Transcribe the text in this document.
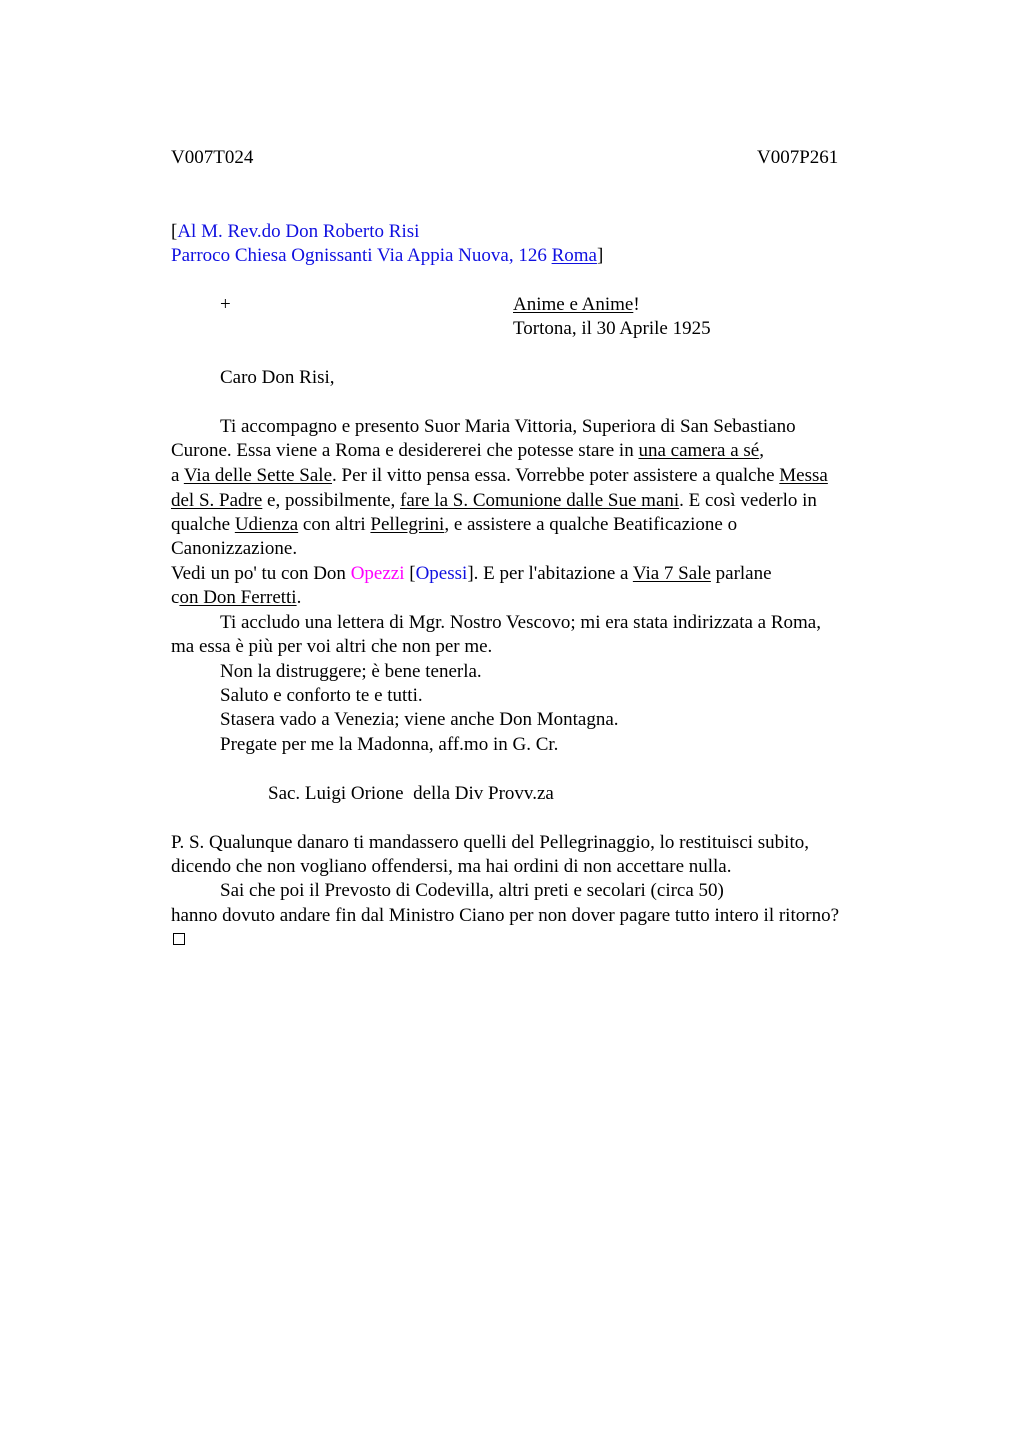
V007T024	V007P261
[Al M. Rev.do Don Roberto Risi
Parroco Chiesa Ognissanti Via Appia Nuova, 126 Roma]
+	Anime e Anime!
Tortona, il 30 Aprile 1925
Caro Don Risi,
Ti accompagno e presento Suor Maria Vittoria, Superiora di San Sebastiano
Curone. Essa viene a Roma e desidererei che potesse stare in una camera a sé,
a Via delle Sette Sale. Per il vitto pensa essa. Vorrebbe poter assistere a qualche Messa
del S. Padre e, possibilmente, fare la S. Comunione dalle Sue mani. E così vederlo in
qualche Udienza con altri Pellegrini, e assistere a qualche Beatificazione o
Canonizzazione.
Vedi un po' tu con Don Opezzi [Opessi]. E per l'abitazione a Via 7 Sale parlane
con Don Ferretti.
Ti accludo una lettera di Mgr. Nostro Vescovo; mi era stata indirizzata a Roma,
ma essa è più per voi altri che non per me.
Non la distruggere; è bene tenerla.
Saluto e conforto te e tutti.
Stasera vado a Venezia; viene anche Don Montagna.
Pregate per me la Madonna, aff.mo in G. Cr.
Sac. Luigi Orione  della Div Provv.za
P. S. Qualunque danaro ti mandassero quelli del Pellegrinaggio, lo restituisci subito,
dicendo che non vogliano offendersi, ma hai ordini di non accettare nulla.
Sai che poi il Prevosto di Codevilla, altri preti e secolari (circa 50)
hanno dovuto andare fin dal Ministro Ciano per non dover pagare tutto intero il ritorno?
